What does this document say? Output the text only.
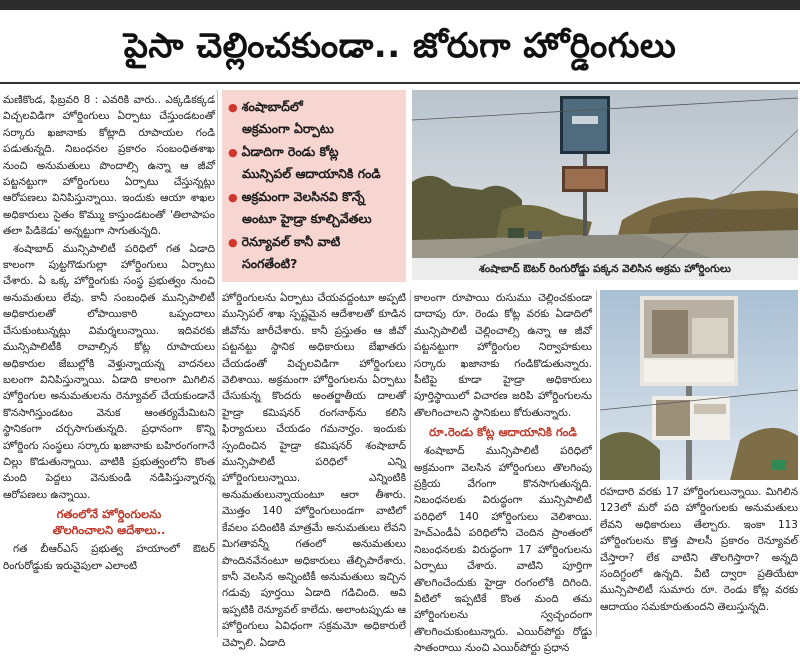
పైసా చెల్లించకుండా.. జోరుగా హోర్డింగులు

మణికొండ, ఫిబ్రవరి 8 : ఎవరికి వారు.. ఎక్కడికక్కడ విచ్చలవిడిగా హోర్డింగులు ఏర్పాటు చేస్తుండటంతో సర్కారు ఖజానాకు కోట్లాది రూపాయల గండి పడుతున్నది. నిబంధనల ప్రకారం సంబంధితశాఖ నుంచి అనుమతులు పొందాల్సి ఉన్నా ఆ జీవో పట్టనట్టుగా హోర్డింగులు ఏర్పాటు చేస్తున్నట్లు ఆరోపణలు వినిపిస్తున్నాయి. ఇందుకు ఆయా శాఖల అధికారులు సైతం కొమ్ము కాస్తుండటంతో 'తిలాపాపం తలా పిడికెడు' అన్నట్టుగా సాగుతున్నది.

శంషాబాద్ మున్సిపాలిటీ పరిధిలో గత ఏడాది కాలంగా పుట్టగొడుగుల్లా హోర్డింగులు ఏర్పాటు చేశారు. ఏ ఒక్క హోర్డింగుకు సంస్థ ప్రభుత్వం నుంచి అనుమతులు లేవు. కానీ సంబంధిత మున్సిపాలిటీ అధికారులతో లోపాయికారి ఒప్పందాలు చేసుకుంటున్నట్లు విమర్శలున్నాయి. ఇదివరకు మున్సిపాలిటీకి రావాల్సిన కోట్ల రూపాయలు అధికారుల జేబుల్లోకి వెళ్తున్నాయన్న వాదనలు బలంగా వినిపిస్తున్నాయి. ఏడాది కాలంగా మిగిలిన హోర్డింగుల అనుమతులను రెన్యూవల్ చేయకుండానే కొనసాగిస్తుండటం వెనుక ఆంతర్యమేమిటని స్థానికంగా చర్చసాగుతున్నది. ప్రధానంగా కొన్ని హోర్డింగు సంస్థలు సర్కారు ఖజానాకు బహిరంగంగానే చిల్లు కొడుతున్నాయి. వాటికి ప్రభుత్వంలోని కొంత మంది పెద్దలు వెనుకుండి నడిపిస్తున్నారన్న ఆరోపణలు ఉన్నాయి.

గతంలోనే హోర్డింగులను
తొలగించాలని ఆదేశాలు..

గత బీఆర్ఎస్ ప్రభుత్వ హయాంలో ఔటర్ రింగురోడ్డుకు ఇరువైపులా ఎలాంటి

● శంషాబాద్‌లో
అక్రమంగా ఏర్పాటు
● ఏడాదిగా రెండు కోట్ల
మున్సిపల్ ఆదాయానికి గండి
● అక్రమంగా వెలసినవి కొన్నే
అంటూ హైడ్రా కూల్చివేతలు
● రెన్యూవల్ కానీ వాటి
సంగతేంటి?	శంషాబాద్ ఔటర్ రింగురోడ్డు పక్కన వెలిసిన అక్రమ హోర్డింగులు

హోర్డింగులను ఏర్పాటు చేయవద్దంటూ అప్పటి మున్సిపల్ శాఖ స్పష్టమైన ఆదేశాలతో కూడిన జీవోను జారీచేశారు. కానీ ప్రస్తుతం ఆ జీవో పట్టనట్టు స్థానిక అధికారులు బేఖాతరు చేయడంతో విచ్చలవిడిగా హోర్డింగులు వెలిశాయి. అక్రమంగా హోర్డింగులను ఏర్పాటు చేసుకున్న కొందరు అంతర్జాతీయ దాలతో హైడ్రా కమిషనర్ రంగనాథ్‌ను కలిసి ఫిర్యాదులు చేయడం గమనార్హం. ఇందుకు స్పందించిన హైడ్రా కమిషనర్ శంషాబాద్ మున్సిపాలిటీ పరిధిలో ఎన్ని హోర్డింగులున్నాయి. ఎన్నింటికి అనుమతులున్నాయంటూ ఆరా తీశారు. మొత్తం 140 హోర్డింగులుండగా వాటిలో కేవలం పదింటికి మాత్రమే అనుమతులు లేవని మిగతావన్నీ గతంలో అనుమతులు పొందినవేనంటూ అధికారులు తేల్చిపారేశారు. కానీ వెలసిన అన్నింటికీ అనుమతులు ఇచ్చిన గడువు పూర్తయి ఏడాది గడిచింది. అవి ఇప్పటికి రెన్యూవల్ కాలేదు. అలాంటప్పుడు ఆ హోర్డింగులు ఏవిధంగా సక్రమమో అధికారులే చెప్పాలి. ఏడాది

కాలంగా రూపాయి రుసుము చెల్లించకుండా దాదాపు రూ. రెండు కోట్ల వరకు ఏడాదిలో మున్సిపాలిటీ చెల్లించాల్సి ఉన్నా ఆ జీవో పట్టనట్టుగా హోర్డింగుల నిర్వాహకులు సర్కారు ఖజానాకు గండికొడుతున్నారు. పీటిపై కూడా హైడ్రా అధికారులు పూర్తిస్థాయిలో విచారణ జరిపి హోర్డింగులను తొలగించాలని స్థానికులు కోరుతున్నారు.

రూ.రెండు కోట్ల ఆదాయానికి గండి

శంషాబాద్ మున్సిపాలిటీ పరిధిలో అక్రమంగా వెలసిన హోర్డింగులు తొలగింపు ప్రక్రియ వేగంగా కొనసాగుతున్నది. నిబంధనలకు విరుద్ధంగా మున్సిపాలిటీ పరిధిలో 140 హోర్డింగులు వెలిశాయి. హెచ్ఎండీఏ పరిధిలోని చెందిన ప్రాంతంలో నిబంధనలకు విరుద్ధంగా 17 హోర్డింగులను ఏర్పాటు చేశారు. వాటిని పూర్తిగా తొలగించేందుకు హైడ్రా రంగంలోకి దిగింది. వీటిలో ఇప్పటికే కొంత మంది తమ హోర్డింగులను స్వచ్ఛందంగా తొలగించుకుంటున్నారు. ఎయిర్‌పోర్టు రోడ్డు సాతంరాయి నుంచి ఎయిర్‌పోర్టు ప్రధాన

రహదారి వరకు 17 హోర్డింగులున్నాయి. మిగిలిన 123లో మరో పది హోర్డింగులకు అనుమతులు లేవని అధికారులు తేల్చారు. ఇంకా 113 హోర్డింగులను కొత్త పాలసీ ప్రకారం రెన్యూవల్ చేస్తారా? లేక వాటిని తొలగిస్తారా? అన్నది సందిగ్ధంలో ఉన్నది. వీటి ద్వారా ప్రతియేటా మున్సిపాలిటీ సుమారు రూ. రెండు కోట్ల వరకు ఆదాయం సమకూరుతుందని తెలుస్తున్నది.
